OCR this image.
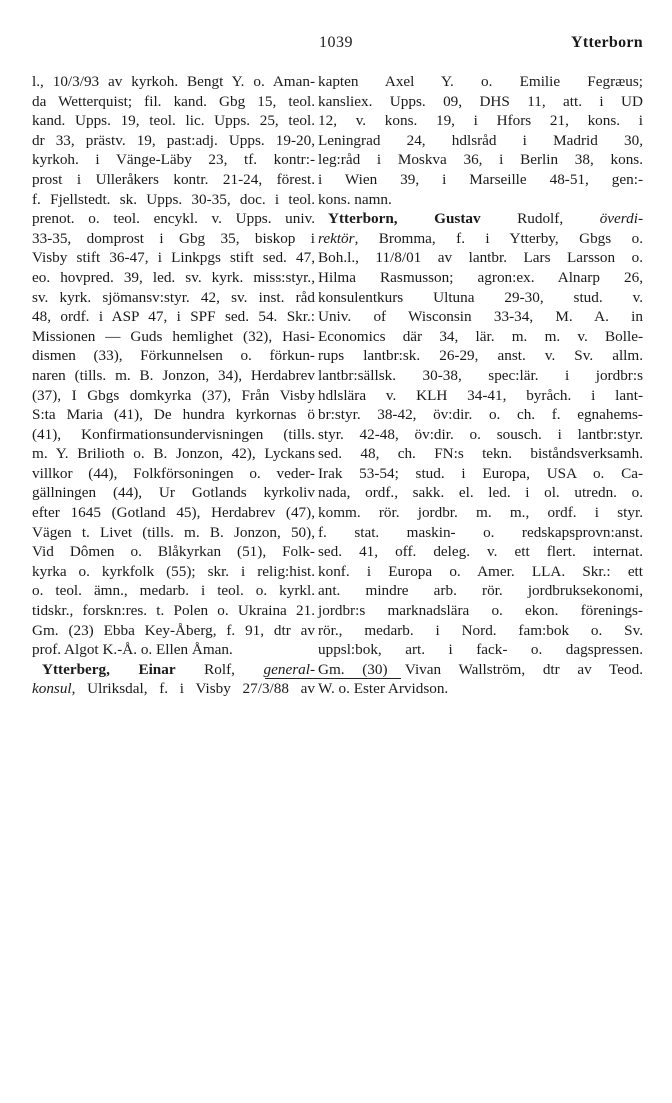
1039	Ytterborn
l., 10/3/93 av kyrkoh. Bengt Y. o. Aman-
da Wetterquist; fil. kand. Gbg 15, teol.
kand. Upps. 19, teol. lic. Upps. 25, teol.
dr 33, prästv. 19, past:adj. Upps. 19-20,
kyrkoh. i Vänge-Läby 23, tf. kontr:-
prost i Ulleråkers kontr. 21-24, förest.
f. Fjellstedt. sk. Upps. 30-35, doc. i teol.
prenot. o. teol. encykl. v. Upps. univ.
33-35, domprost i Gbg 35, biskop i
Visby stift 36-47, i Linkpgs stift sed. 47,
eo. hovpred. 39, led. sv. kyrk. miss:styr.,
sv. kyrk. sjömansv:styr. 42, sv. inst. råd
48, ordf. i ASP 47, i SPF sed. 54. Skr.:
Missionen — Guds hemlighet (32), Hasi-
dismen (33), Förkunnelsen o. förkun-
naren (tills. m. B. Jonzon, 34), Herdabrev
(37), I Gbgs domkyrka (37), Från Visby
S:ta Maria (41), De hundra kyrkornas ö
(41), Konfirmationsundervisningen (tills.
m. Y. Brilioth o. B. Jonzon, 42), Lyckans
villkor (44), Folkförsoningen o. veder-
gällningen (44), Ur Gotlands kyrkoliv
efter 1645 (Gotland 45), Herdabrev (47),
Vägen t. Livet (tills. m. B. Jonzon, 50),
Vid Dômen o. Blåkyrkan (51), Folk-
kyrka o. kyrkfolk (55); skr. i relig:hist.
o. teol. ämn., medarb. i teol. o. kyrkl.
tidskr., forskn:res. t. Polen o. Ukraina 21.
Gm. (23) Ebba Key-Åberg, f. 91, dtr av
prof. Algot K.-Å. o. Ellen Åman.
Ytterberg, Einar Rolf, general-
konsul, Ulriksdal, f. i Visby 27/3/88 av
kapten Axel Y. o. Emilie Fegræus;
kansliex. Upps. 09, DHS 11, att. i UD
12, v. kons. 19, i Hfors 21, kons. i
Leningrad 24, hdlsråd i Madrid 30,
leg:råd i Moskva 36, i Berlin 38, kons.
i Wien 39, i Marseille 48-51, gen:-
kons. namn.
Ytterborn, Gustav Rudolf, överdi-
rektör, Bromma, f. i Ytterby, Gbgs o.
Boh.l., 11/8/01 av lantbr. Lars Larsson o.
Hilma Rasmusson; agron:ex. Alnarp 26,
konsulentkurs Ultuna 29-30, stud. v.
Univ. of Wisconsin 33-34, M. A. in
Economics där 34, lär. m. m. v. Bolle-
rups lantbr:sk. 26-29, anst. v. Sv. allm.
lantbr:sällsk. 30-38, spec:lär. i jordbr:s
hdlslära v. KLH 34-41, byråch. i lant-
br:styr. 38-42, öv:dir. o. ch. f. egnahems-
styr. 42-48, öv:dir. o. sousch. i lantbr:styr.
sed. 48, ch. FN:s tekn. biståndsverksamh.
Irak 53-54; stud. i Europa, USA o. Ca-
nada, ordf., sakk. el. led. i ol. utredn. o.
komm. rör. jordbr. m. m., ordf. i styr.
f. stat. maskin- o. redskapsprovn:anst.
sed. 41, off. deleg. v. ett flert. internat.
konf. i Europa o. Amer. LLA. Skr.: ett
ant. mindre arb. rör. jordbruksekonomi,
jordbr:s marknadslära o. ekon. förenings-
rör., medarb. i Nord. fam:bok o. Sv.
uppsl:bok, art. i fack- o. dagspressen.
Gm. (30) Vivan Wallström, dtr av Teod.
W. o. Ester Arvidson.
